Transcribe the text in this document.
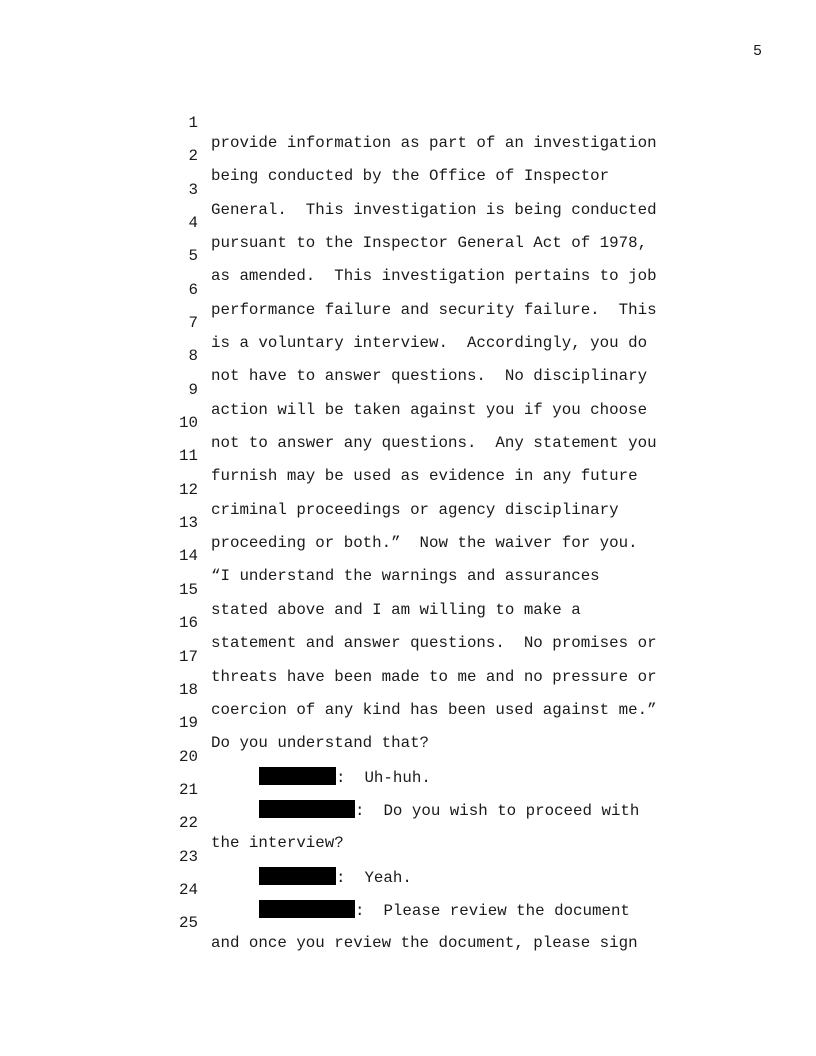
5

1

provide information as part of an investigation

2

being conducted by the Office of Inspector

3

General.  This investigation is being conducted

4

pursuant to the Inspector General Act of 1978,

5

as amended.  This investigation pertains to job

6

performance failure and security failure.  This

7

is a voluntary interview.  Accordingly, you do

8

not have to answer questions.  No disciplinary

9

action will be taken against you if you choose

10

not to answer any questions.  Any statement you

11

furnish may be used as evidence in any future

12

criminal proceedings or agency disciplinary

13

proceeding or both.”  Now the waiver for you.

14

“I understand the warnings and assurances

15

stated above and I am willing to make a

16

statement and answer questions.  No promises or

17

threats have been made to me and no pressure or

18

coercion of any kind has been used against me.”

19

Do you understand that?

20

:  Uh-huh.

21

:  Do you wish to proceed with

22

the interview?

23

:  Yeah.

24

:  Please review the document

25

and once you review the document, please sign
